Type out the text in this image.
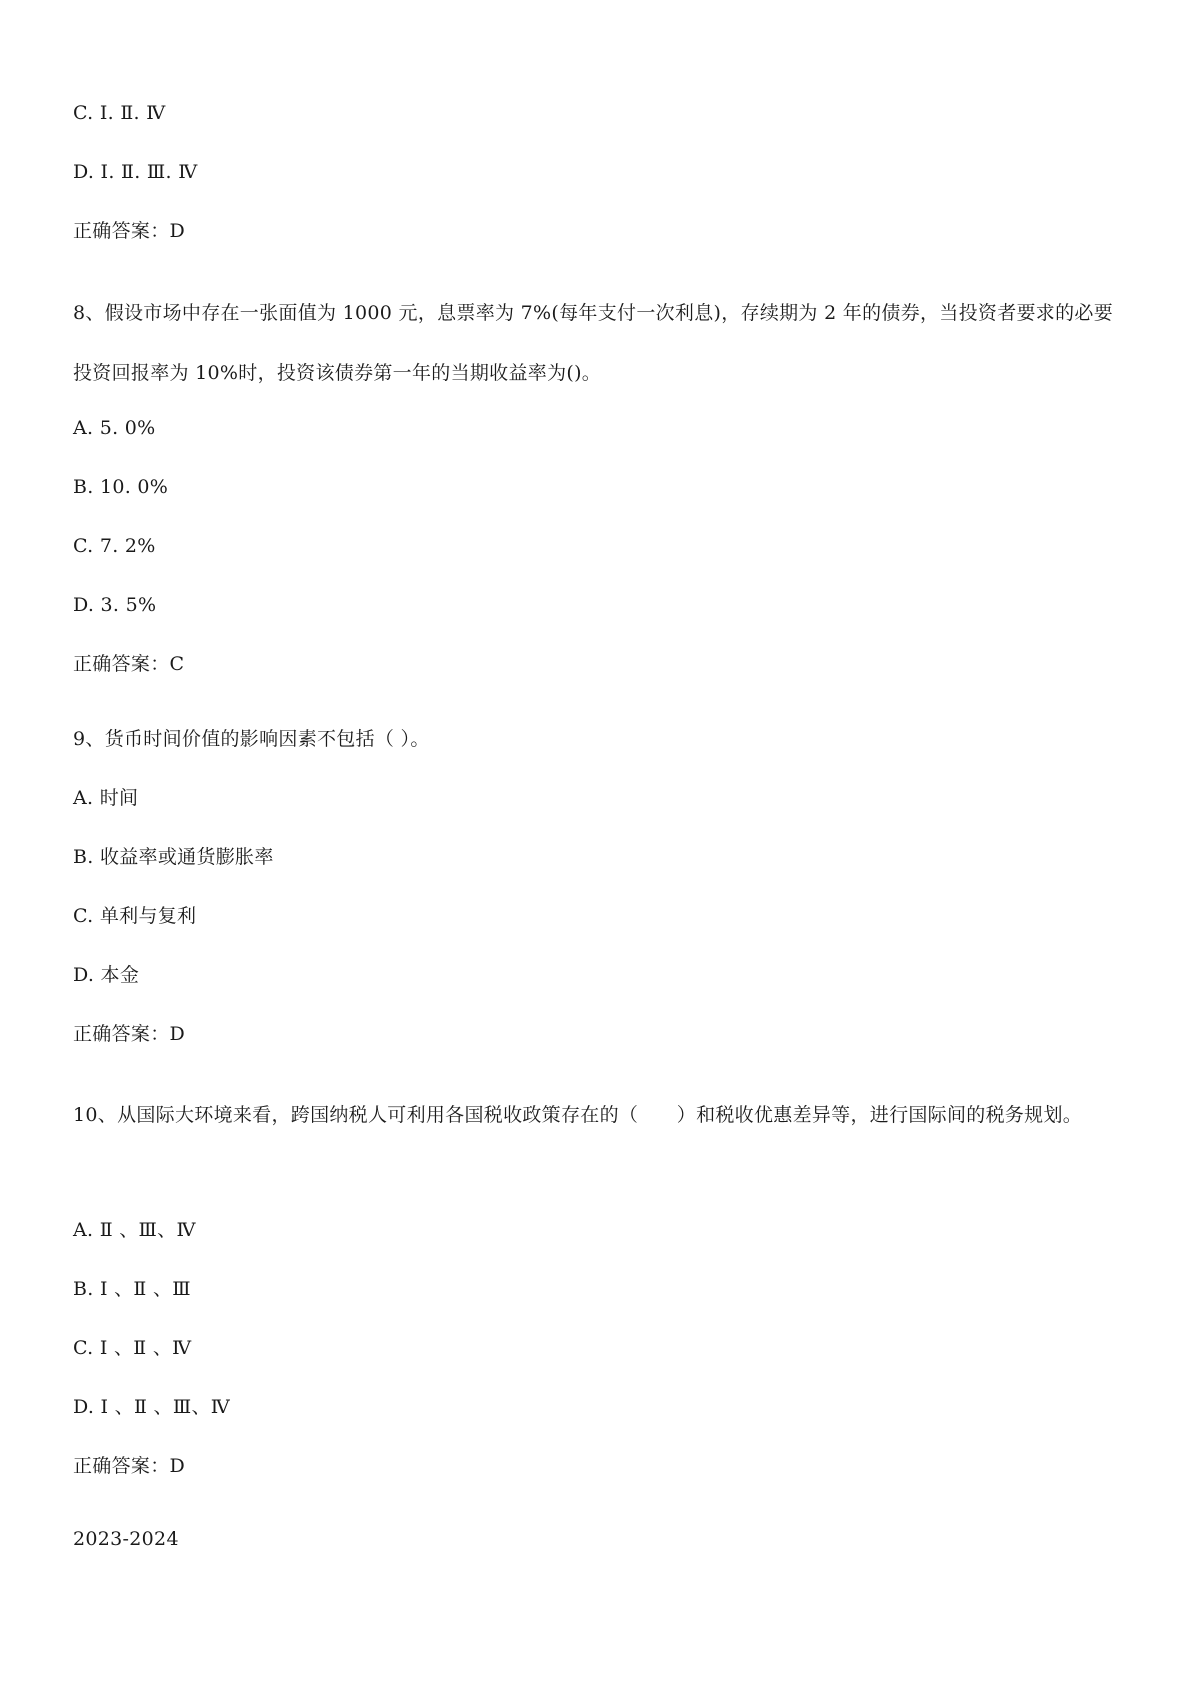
C. Ⅰ. Ⅱ. Ⅳ
D. Ⅰ. Ⅱ. Ⅲ. Ⅳ
正确答案：D
8、假设市场中存在一张面值为 1000 元，息票率为 7%(每年支付一次利息)，存续期为 2 年的债券，当投资者要求的必要投资回报率为 10%时，投资该债券第一年的当期收益率为()。
A. 5. 0%
B. 10. 0%
C. 7. 2%
D. 3. 5%
正确答案：C
9、货币时间价值的影响因素不包括（ ）。
A. 时间
B. 收益率或通货膨胀率
C. 单利与复利
D. 本金
正确答案：D
10、从国际大环境来看，跨国纳税人可利用各国税收政策存在的（　　）和税收优惠差异等，进行国际间的税务规划。
A. Ⅱ 、Ⅲ、Ⅳ
B. Ⅰ 、Ⅱ 、Ⅲ
C. Ⅰ 、Ⅱ 、Ⅳ
D. Ⅰ 、Ⅱ 、Ⅲ、Ⅳ
正确答案：D
2023-2024
